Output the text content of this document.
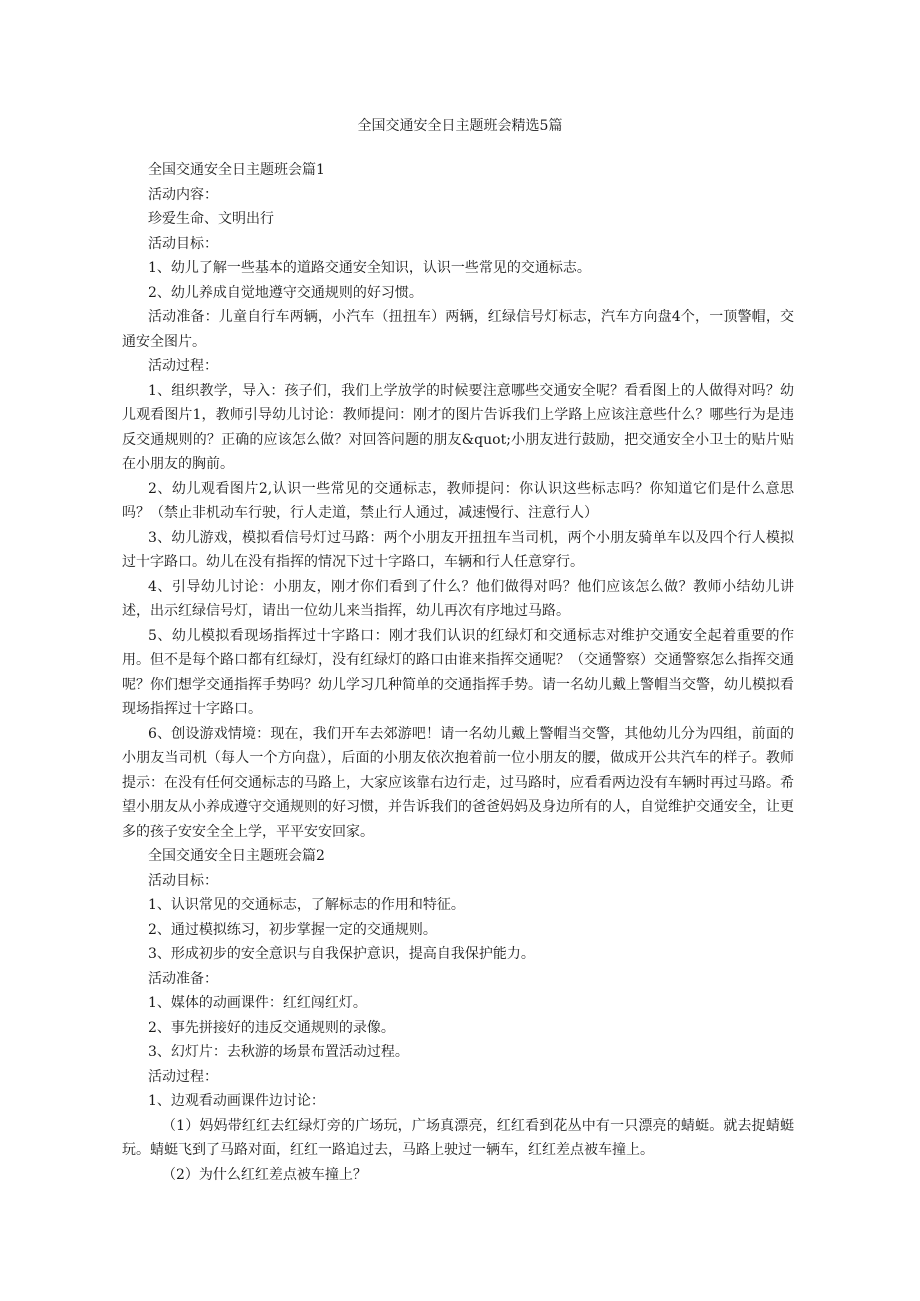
全国交通安全日主题班会精选5篇

全国交通安全日主题班会篇1

活动内容：

珍爱生命、文明出行

活动目标：

1、幼儿了解一些基本的道路交通安全知识，认识一些常见的交通标志。

2、幼儿养成自觉地遵守交通规则的好习惯。

活动准备：儿童自行车两辆，小汽车（扭扭车）两辆，红绿信号灯标志，汽车方向盘4个，一顶警帽，交通安全图片。

活动过程：

1、组织教学，导入：孩子们，我们上学放学的时候要注意哪些交通安全呢？看看图上的人做得对吗？幼儿观看图片1，教师引导幼儿讨论：教师提问：刚才的图片告诉我们上学路上应该注意些什么？哪些行为是违反交通规则的？正确的应该怎么做？对回答问题的朋友&quot;小朋友进行鼓励，把交通安全小卫士的贴片贴在小朋友的胸前。

2、幼儿观看图片2,认识一些常见的交通标志，教师提问：你认识这些标志吗？你知道它们是什么意思吗？（禁止非机动车行驶，行人走道，禁止行人通过，减速慢行、注意行人）

3、幼儿游戏，模拟看信号灯过马路：两个小朋友开扭扭车当司机，两个小朋友骑单车以及四个行人模拟过十字路口。幼儿在没有指挥的情况下过十字路口，车辆和行人任意穿行。

4、引导幼儿讨论：小朋友，刚才你们看到了什么？他们做得对吗？他们应该怎么做？教师小结幼儿讲述，出示红绿信号灯，请出一位幼儿来当指挥，幼儿再次有序地过马路。

5、幼儿模拟看现场指挥过十字路口：刚才我们认识的红绿灯和交通标志对维护交通安全起着重要的作用。但不是每个路口都有红绿灯，没有红绿灯的路口由谁来指挥交通呢？（交通警察）交通警察怎么指挥交通呢？你们想学交通指挥手势吗？幼儿学习几种简单的交通指挥手势。请一名幼儿戴上警帽当交警，幼儿模拟看现场指挥过十字路口。

6、创设游戏情境：现在，我们开车去郊游吧！请一名幼儿戴上警帽当交警，其他幼儿分为四组，前面的小朋友当司机（每人一个方向盘），后面的小朋友依次抱着前一位小朋友的腰，做成开公共汽车的样子。教师提示：在没有任何交通标志的马路上，大家应该靠右边行走，过马路时，应看看两边没有车辆时再过马路。希望小朋友从小养成遵守交通规则的好习惯，并告诉我们的爸爸妈妈及身边所有的人，自觉维护交通安全，让更多的孩子安安全全上学，平平安安回家。

全国交通安全日主题班会篇2

活动目标：

1、认识常见的交通标志，了解标志的作用和特征。

2、通过模拟练习，初步掌握一定的交通规则。

3、形成初步的安全意识与自我保护意识，提高自我保护能力。

活动准备：

1、媒体的动画课件：红红闯红灯。

2、事先拼接好的违反交通规则的录像。

3、幻灯片：去秋游的场景布置活动过程。

活动过程：

1、边观看动画课件边讨论：

（1）妈妈带红红去红绿灯旁的广场玩，广场真漂亮，红红看到花丛中有一只漂亮的蜻蜓。就去捉蜻蜓玩。蜻蜓飞到了马路对面，红红一路追过去，马路上驶过一辆车，红红差点被车撞上。

（2）为什么红红差点被车撞上？
